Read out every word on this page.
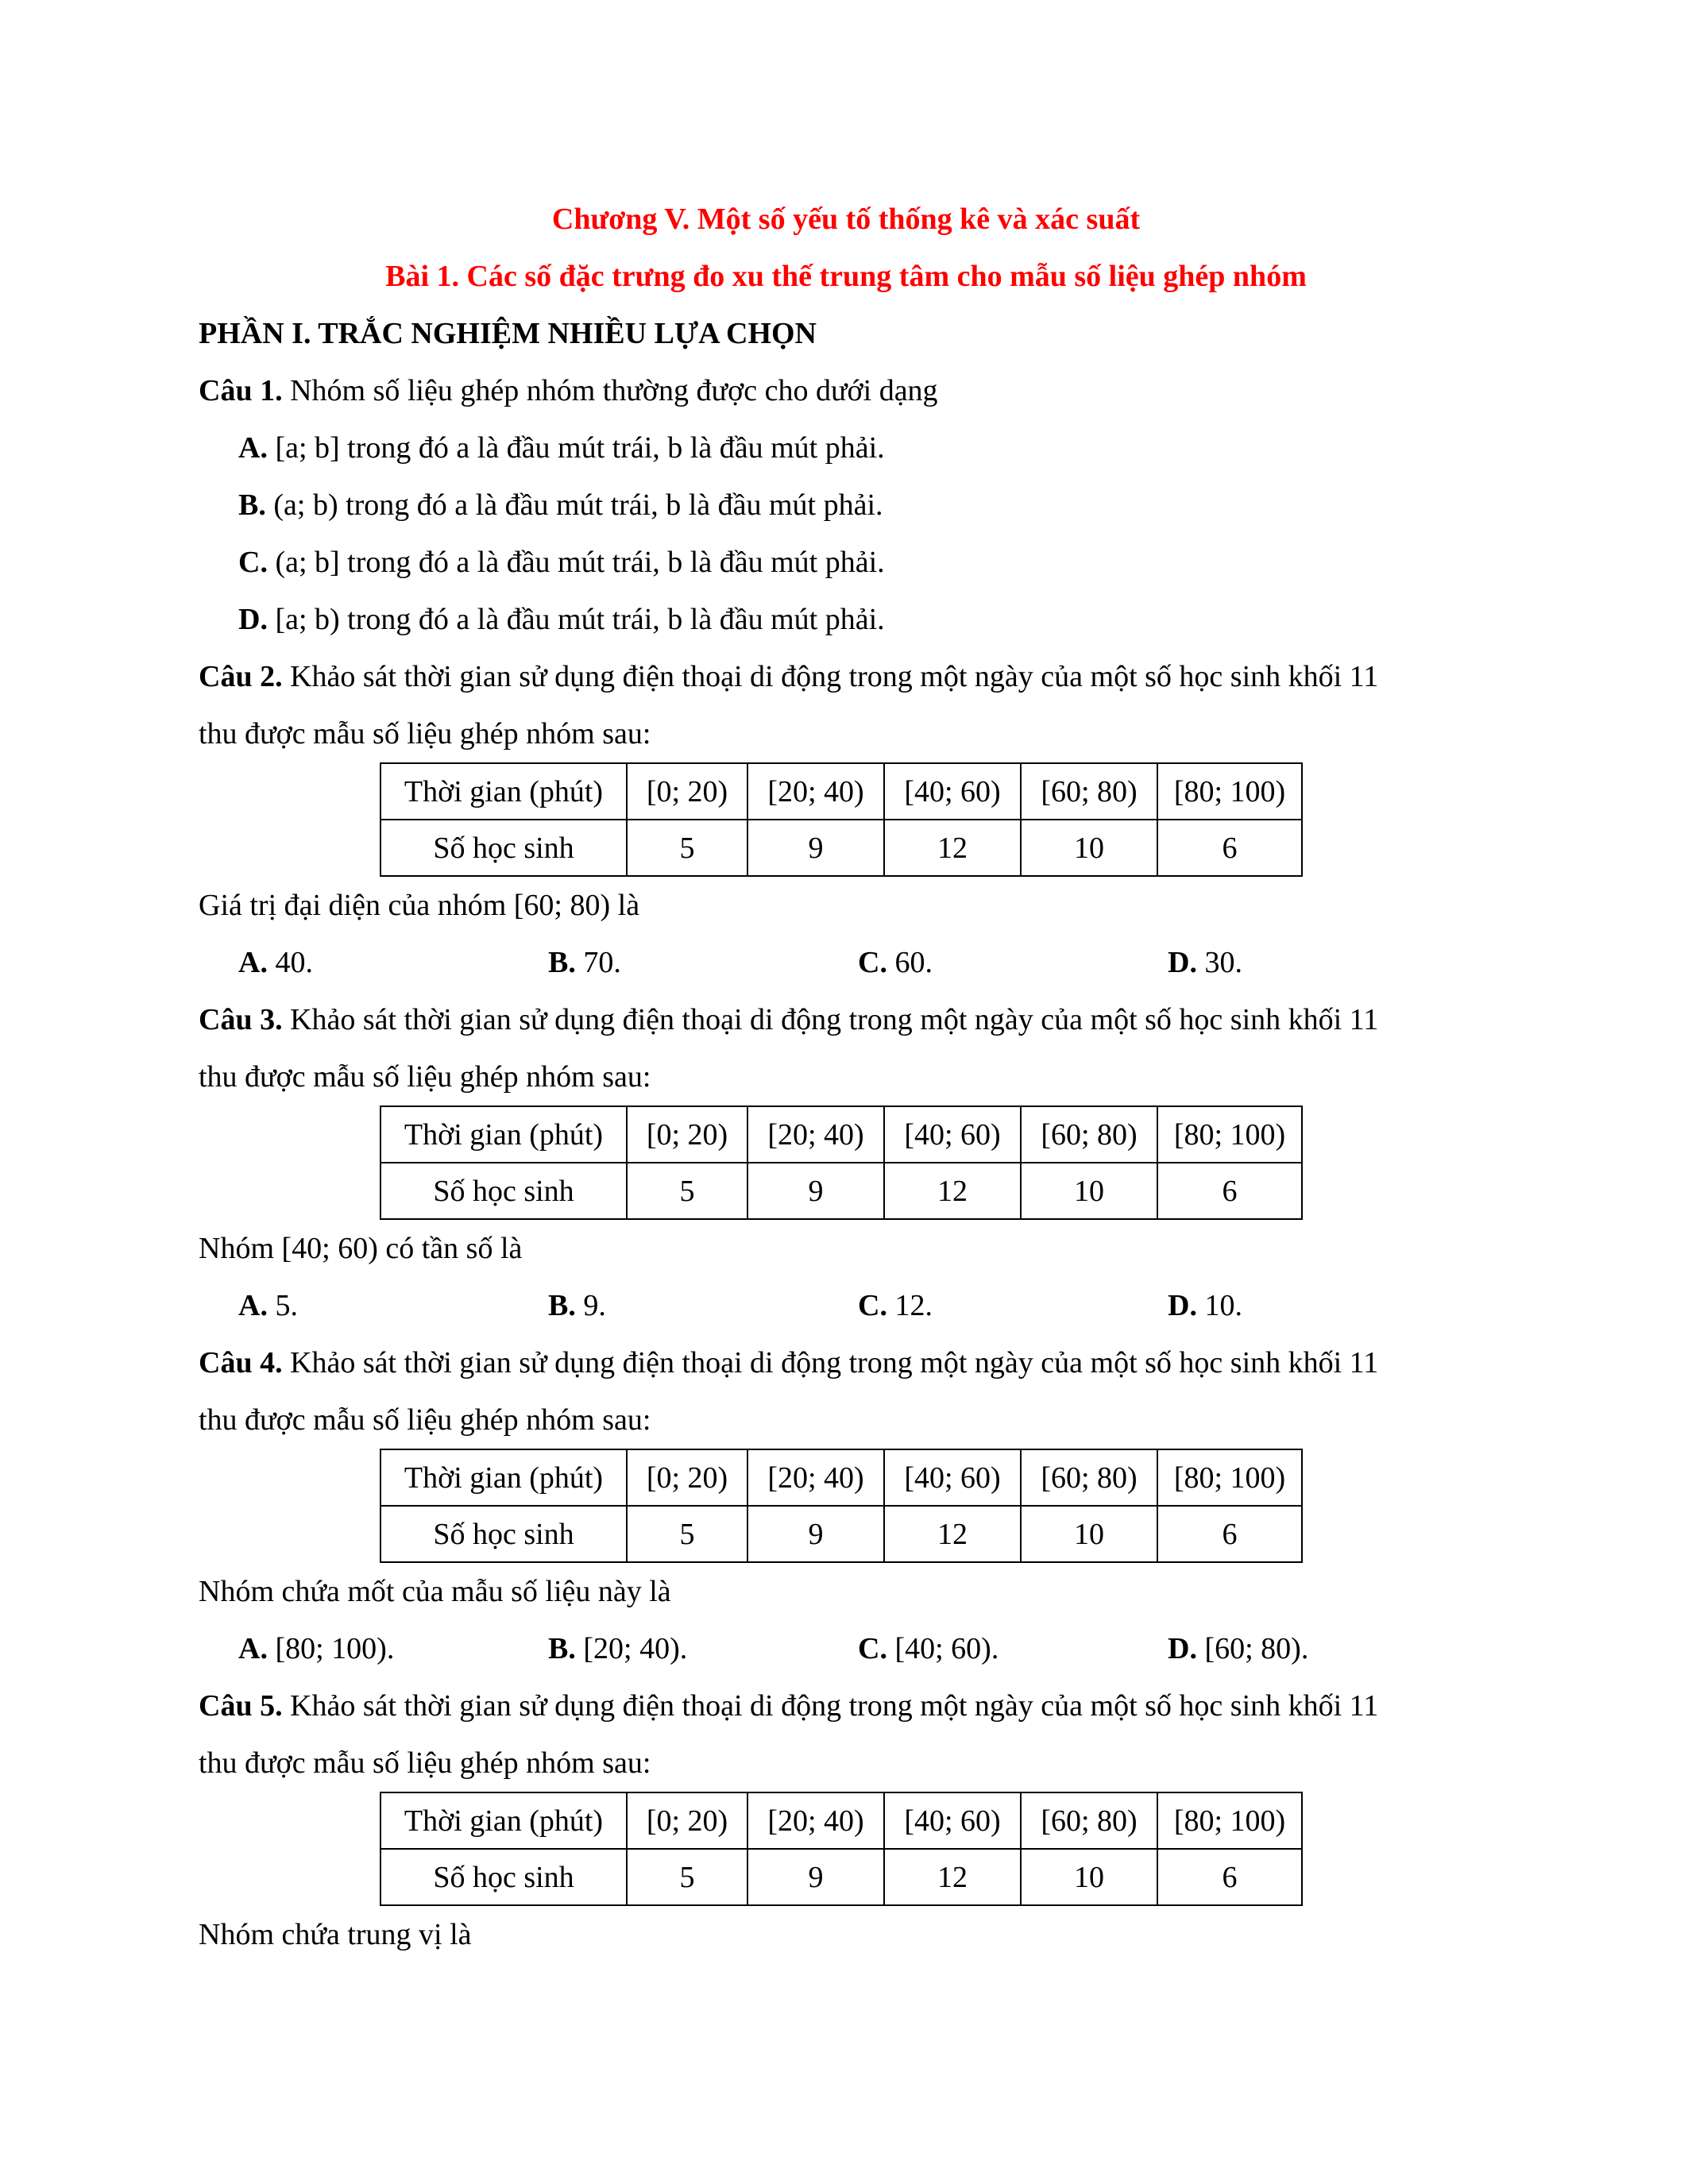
Chương V. Một số yếu tố thống kê và xác suất
Bài 1. Các số đặc trưng đo xu thế trung tâm cho mẫu số liệu ghép nhóm
PHẦN I. TRẮC NGHIỆM NHIỀU LỰA CHỌN
Câu 1. Nhóm số liệu ghép nhóm thường được cho dưới dạng
A. [a; b] trong đó a là đầu mút trái, b là đầu mút phải.
B. (a; b) trong đó a là đầu mút trái, b là đầu mút phải.
C. (a; b] trong đó a là đầu mút trái, b là đầu mút phải.
D. [a; b) trong đó a là đầu mút trái, b là đầu mút phải.
Câu 2. Khảo sát thời gian sử dụng điện thoại di động trong một ngày của một số học sinh khối 11
thu được mẫu số liệu ghép nhóm sau:
Thời gian (phút)	[0; 20)	[20; 40)	[40; 60)	[60; 80)	[80; 100)
Số học sinh	5	9	12	10	6
Giá trị đại diện của nhóm [60; 80) là
A. 40.	B. 70.	C. 60.	D. 30.
Câu 3. Khảo sát thời gian sử dụng điện thoại di động trong một ngày của một số học sinh khối 11
thu được mẫu số liệu ghép nhóm sau:
Thời gian (phút)	[0; 20)	[20; 40)	[40; 60)	[60; 80)	[80; 100)
Số học sinh	5	9	12	10	6
Nhóm [40; 60) có tần số là
A. 5.	B. 9.	C. 12.	D. 10.
Câu 4. Khảo sát thời gian sử dụng điện thoại di động trong một ngày của một số học sinh khối 11
thu được mẫu số liệu ghép nhóm sau:
Thời gian (phút)	[0; 20)	[20; 40)	[40; 60)	[60; 80)	[80; 100)
Số học sinh	5	9	12	10	6
Nhóm chứa mốt của mẫu số liệu này là
A. [80; 100).	B. [20; 40).	C. [40; 60).	D. [60; 80).
Câu 5. Khảo sát thời gian sử dụng điện thoại di động trong một ngày của một số học sinh khối 11
thu được mẫu số liệu ghép nhóm sau:
Thời gian (phút)	[0; 20)	[20; 40)	[40; 60)	[60; 80)	[80; 100)
Số học sinh	5	9	12	10	6
Nhóm chứa trung vị là
